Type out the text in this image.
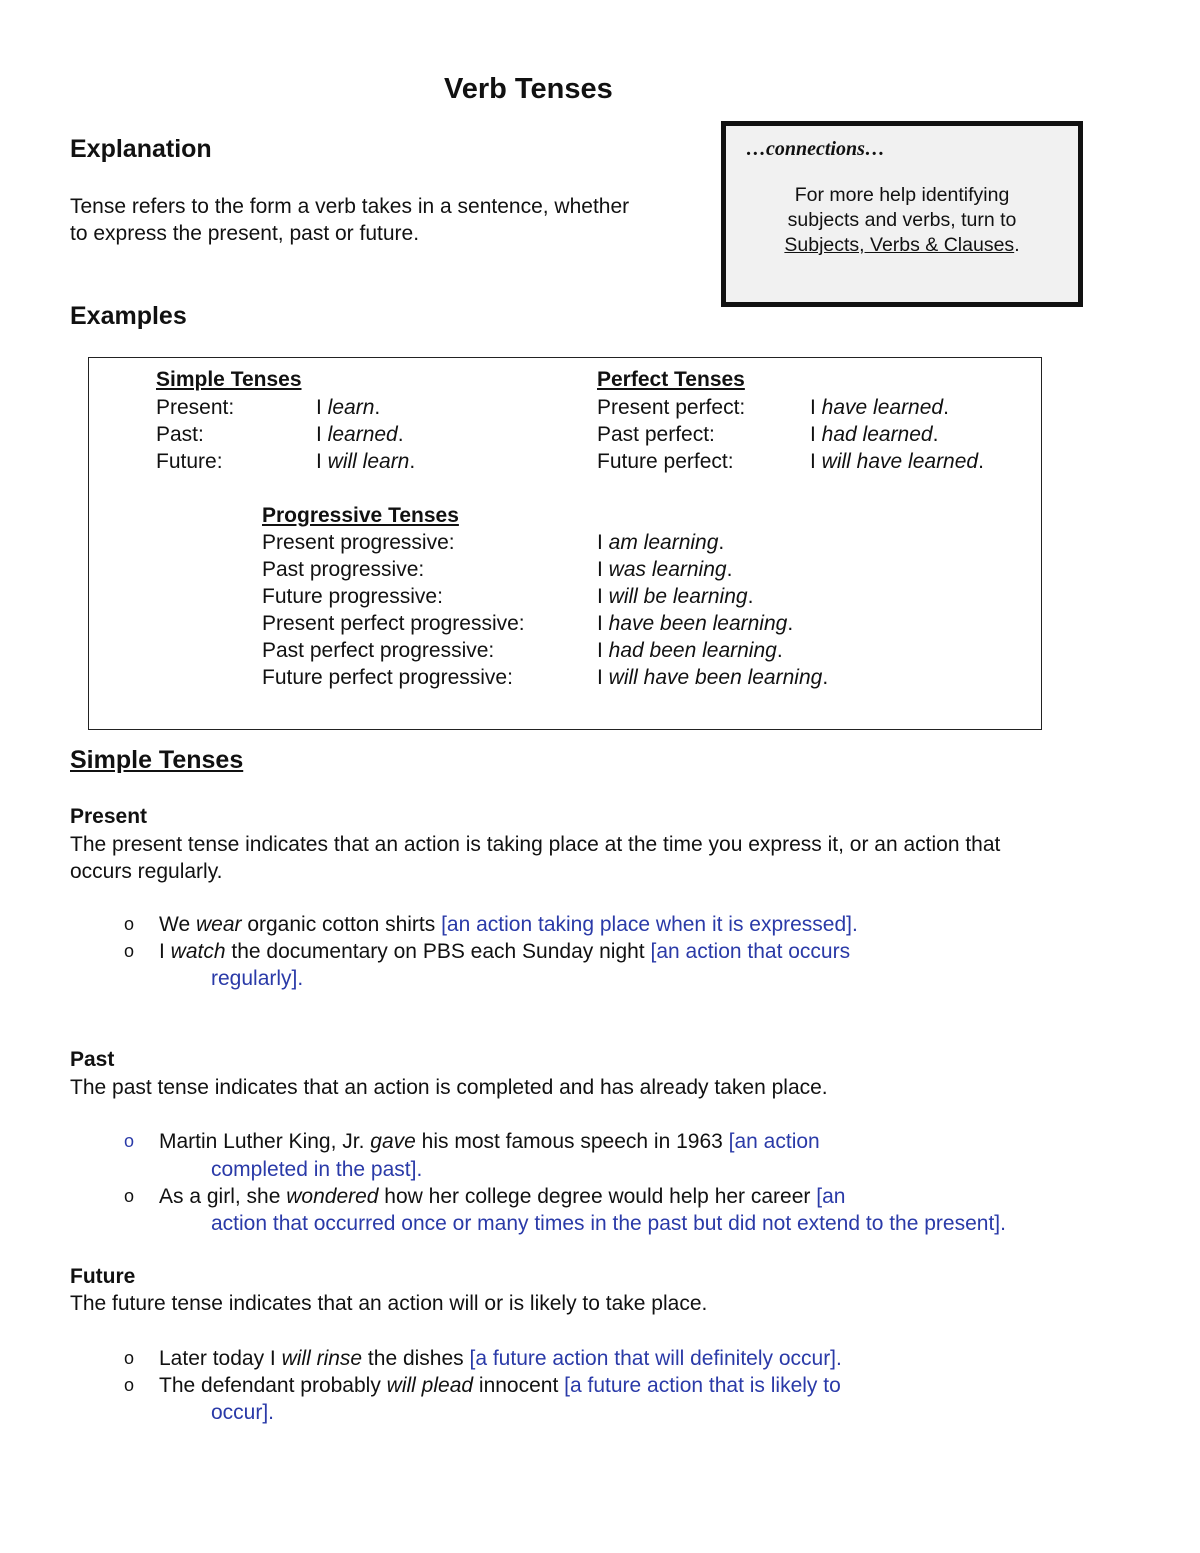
Verb Tenses
Explanation
Tense refers to the form a verb takes in a sentence, whether
to express the present, past or future.
…connections…
For more help identifying
subjects and verbs, turn to
Subjects, Verbs & Clauses.
Examples
Simple Tenses
Present:	I learn.
Past:	I learned.
Future:	I will learn.
Perfect Tenses
Present perfect:	I have learned.
Past perfect:	I had learned.
Future perfect:	I will have learned.
Progressive Tenses
Present progressive:	I am learning.
Past progressive:	I was learning.
Future progressive:	I will be learning.
Present perfect progressive:	I have been learning.
Past perfect progressive:	I had been learning.
Future perfect progressive:	I will have been learning.
Simple Tenses
Present
The present tense indicates that an action is taking place at the time you express it, or an action that
occurs regularly.
o We wear organic cotton shirts [an action taking place when it is expressed].
o I watch the documentary on PBS each Sunday night [an action that occurs
regularly].
Past
The past tense indicates that an action is completed and has already taken place.
o Martin Luther King, Jr. gave his most famous speech in 1963 [an action
completed in the past].
o As a girl, she wondered how her college degree would help her career [an
action that occurred once or many times in the past but did not extend to the present].
Future
The future tense indicates that an action will or is likely to take place.
o Later today I will rinse the dishes [a future action that will definitely occur].
o The defendant probably will plead innocent [a future action that is likely to
occur].
